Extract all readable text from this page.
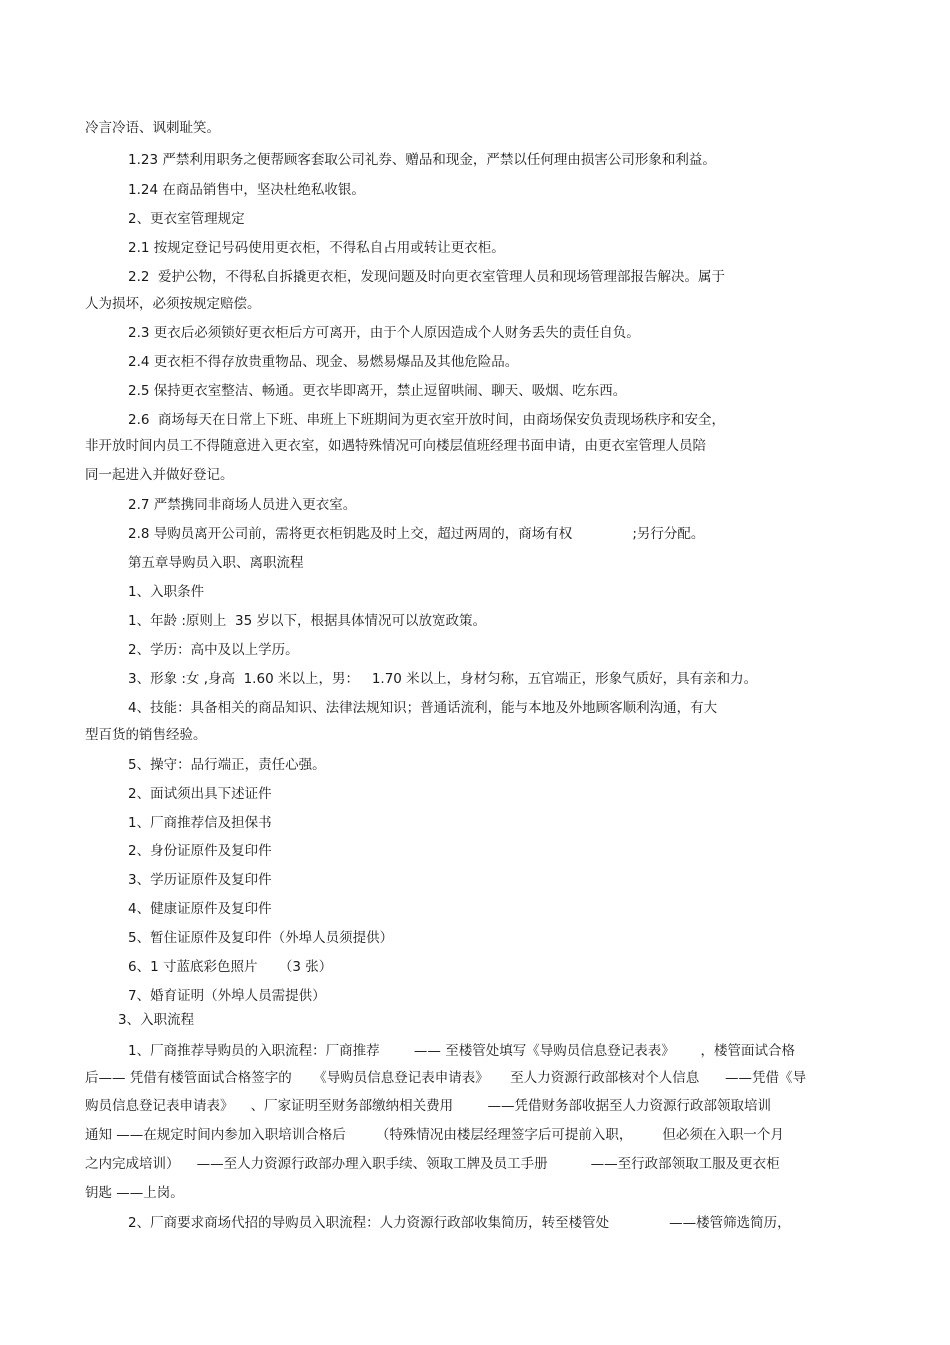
冷言冷语、讽刺耻笑。

1.23 严禁利用职务之便帮顾客套取公司礼券、赠品和现金，严禁以任何理由损害公司形象和利益。

1.24 在商品销售中，坚决杜绝私收银。

2、更衣室管理规定

2.1 按规定登记号码使用更衣柜，不得私自占用或转让更衣柜。

2.2  爱护公物，不得私自拆撬更衣柜，发现问题及时向更衣室管理人员和现场管理部报告解决。属于

人为损坏，必须按规定赔偿。

2.3 更衣后必须锁好更衣柜后方可离开，由于个人原因造成个人财务丢失的责任自负。

2.4 更衣柜不得存放贵重物品、现金、易燃易爆品及其他危险品。

2.5 保持更衣室整洁、畅通。更衣毕即离开，禁止逗留哄闹、聊天、吸烟、吃东西。

2.6  商场每天在日常上下班、串班上下班期间为更衣室开放时间，由商场保安负责现场秩序和安全，

非开放时间内员工不得随意进入更衣室，如遇特殊情况可向楼层值班经理书面申请，由更衣室管理人员陪

同一起进入并做好登记。

2.7 严禁携同非商场人员进入更衣室。

2.8 导购员离开公司前，需将更衣柜钥匙及时上交，超过两周的，商场有权              ;另行分配。

第五章导购员入职、离职流程

1、入职条件

1、年龄 :原则上  35 岁以下，根据具体情况可以放宽政策。

2、学历：高中及以上学历。

3、形象 :女 ,身高  1.60 米以上，男：   1.70 米以上，身材匀称，五官端正，形象气质好，具有亲和力。

4、技能：具备相关的商品知识、法律法规知识；普通话流利，能与本地及外地顾客顺利沟通，有大

型百货的销售经验。

5、操守：品行端正，责任心强。

2、面试须出具下述证件

1、厂商推荐信及担保书

2、身份证原件及复印件

3、学历证原件及复印件

4、健康证原件及复印件

5、暂住证原件及复印件（外埠人员须提供）

6、1 寸蓝底彩色照片     （3 张）

7、婚育证明（外埠人员需提供）

3、入职流程

1、厂商推荐导购员的入职流程：厂商推荐        —— 至楼管处填写《导购员信息登记表表》      ，楼管面试合格

后—— 凭借有楼管面试合格签字的     《导购员信息登记表申请表》     至人力资源行政部核对个人信息      ——凭借《导

购员信息登记表申请表》    、厂家证明至财务部缴纳相关费用        ——凭借财务部收据至人力资源行政部领取培训

通知 ——在规定时间内参加入职培训合格后       （特殊情况由楼层经理签字后可提前入职，       但必须在入职一个月

之内完成培训）    ——至人力资源行政部办理入职手续、领取工牌及员工手册          ——至行政部领取工服及更衣柜

钥匙 ——上岗。

2、厂商要求商场代招的导购员入职流程：人力资源行政部收集简历，转至楼管处              ——楼管筛选简历，
